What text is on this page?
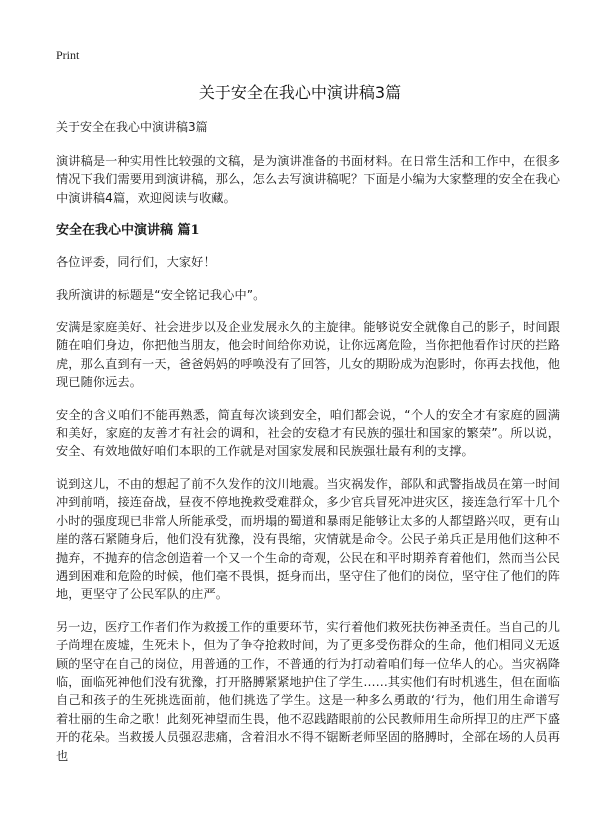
Print
关于安全在我心中演讲稿3篇

关于安全在我心中演讲稿3篇

演讲稿是一种实用性比较强的文稿，是为演讲准备的书面材料。在日常生活和工作中，在很多情况下我们需要用到演讲稿，那么，怎么去写演讲稿呢？下面是小编为大家整理的安全在我心中演讲稿4篇，欢迎阅读与收藏。

安全在我心中演讲稿 篇1

各位评委，同行们，大家好！

我所演讲的标题是“安全铭记我心中”。

安满是家庭美好、社会进步以及企业发展永久的主旋律。能够说安全就像自己的影子，时间跟随在咱们身边，你把他当朋友，他会时间给你劝说，让你远离危险，当你把他看作讨厌的拦路虎，那么直到有一天，爸爸妈妈的呼唤没有了回答，儿女的期盼成为泡影时，你再去找他，他现已随你远去。

安全的含义咱们不能再熟悉，简直每次谈到安全，咱们都会说，“个人的安全才有家庭的圆满和美好，家庭的友善才有社会的调和，社会的安稳才有民族的强壮和国家的繁荣”。所以说，安全、有效地做好咱们本职的工作就是对国家发展和民族强壮最有利的支撑。

说到这儿，不由的想起了前不久发作的汶川地震。当灾祸发作，部队和武警指战员在第一时间冲到前哨，接连奋战，昼夜不停地挽救受难群众，多少官兵冒死冲进灾区，接连急行军十几个小时的强度现已非常人所能承受，而坍塌的蜀道和暴雨足能够让太多的人都望路兴叹，更有山崖的落石紧随身后，他们没有犹豫，没有畏缩，灾情就是命令。公民子弟兵正是用他们这种不抛弃，不抛弃的信念创造着一个又一个生命的奇观，公民在和平时期养育着他们，然而当公民遇到困难和危险的时候，他们毫不畏惧，挺身而出，坚守住了他们的岗位，坚守住了他们的阵地，更坚守了公民军队的庄严。

另一边，医疗工作者们作为救援工作的重要环节，实行着他们救死扶伤神圣责任。当自己的儿子尚埋在废墟，生死未卜，但为了争夺抢救时间，为了更多受伤群众的生命，他们相同义无返顾的坚守在自己的岗位，用普通的工作，不普通的行为打动着咱们每一位华人的心。当灾祸降临，面临死神他们没有犹豫，打开胳膊紧紧地护住了学生……其实他们有时机逃生，但在面临自己和孩子的生死挑选面前，他们挑选了学生。这是一种多么勇敢的‘行为，他们用生命谱写着壮丽的生命之歌！此刻死神望而生畏，他不忍践踏眼前的公民教师用生命所捍卫的庄严下盛开的花朵。当救援人员强忍悲痛，含着泪水不得不锯断老师坚固的胳膊时，全部在场的人员再也
